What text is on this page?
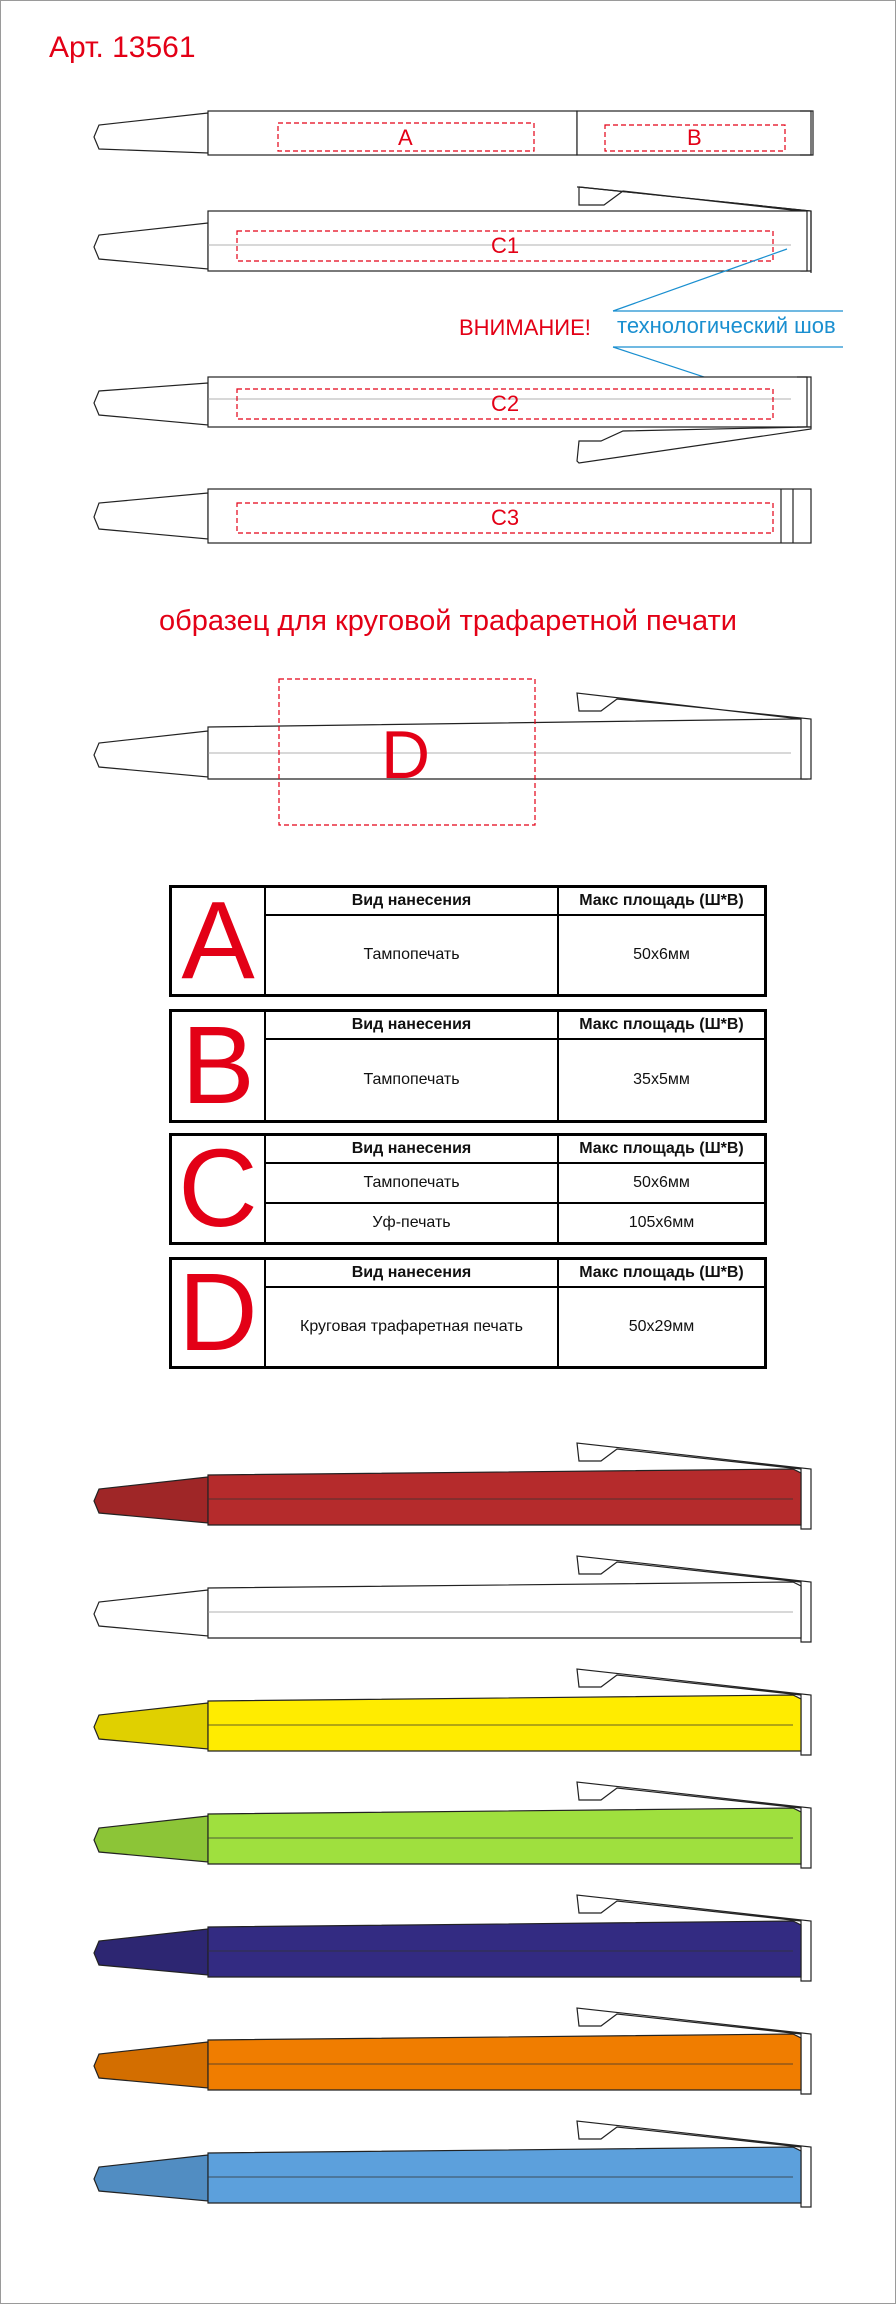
Арт. 13561
A	B
C1
C2
C3
ВНИМАНИЕ! технологический шов
образец для круговой трафаретной печати
D
A	Вид нанесения	Макс площадь (Ш*В)
Тампопечать	50х6мм
B	Вид нанесения	Макс площадь (Ш*В)
Тампопечать	35х5мм
C	Вид нанесения	Макс площадь (Ш*В)
Тампопечать	50х6мм
Уф-печать	105х6мм
D	Вид нанесения	Макс площадь (Ш*В)
Круговая трафаретная печать	50х29мм
